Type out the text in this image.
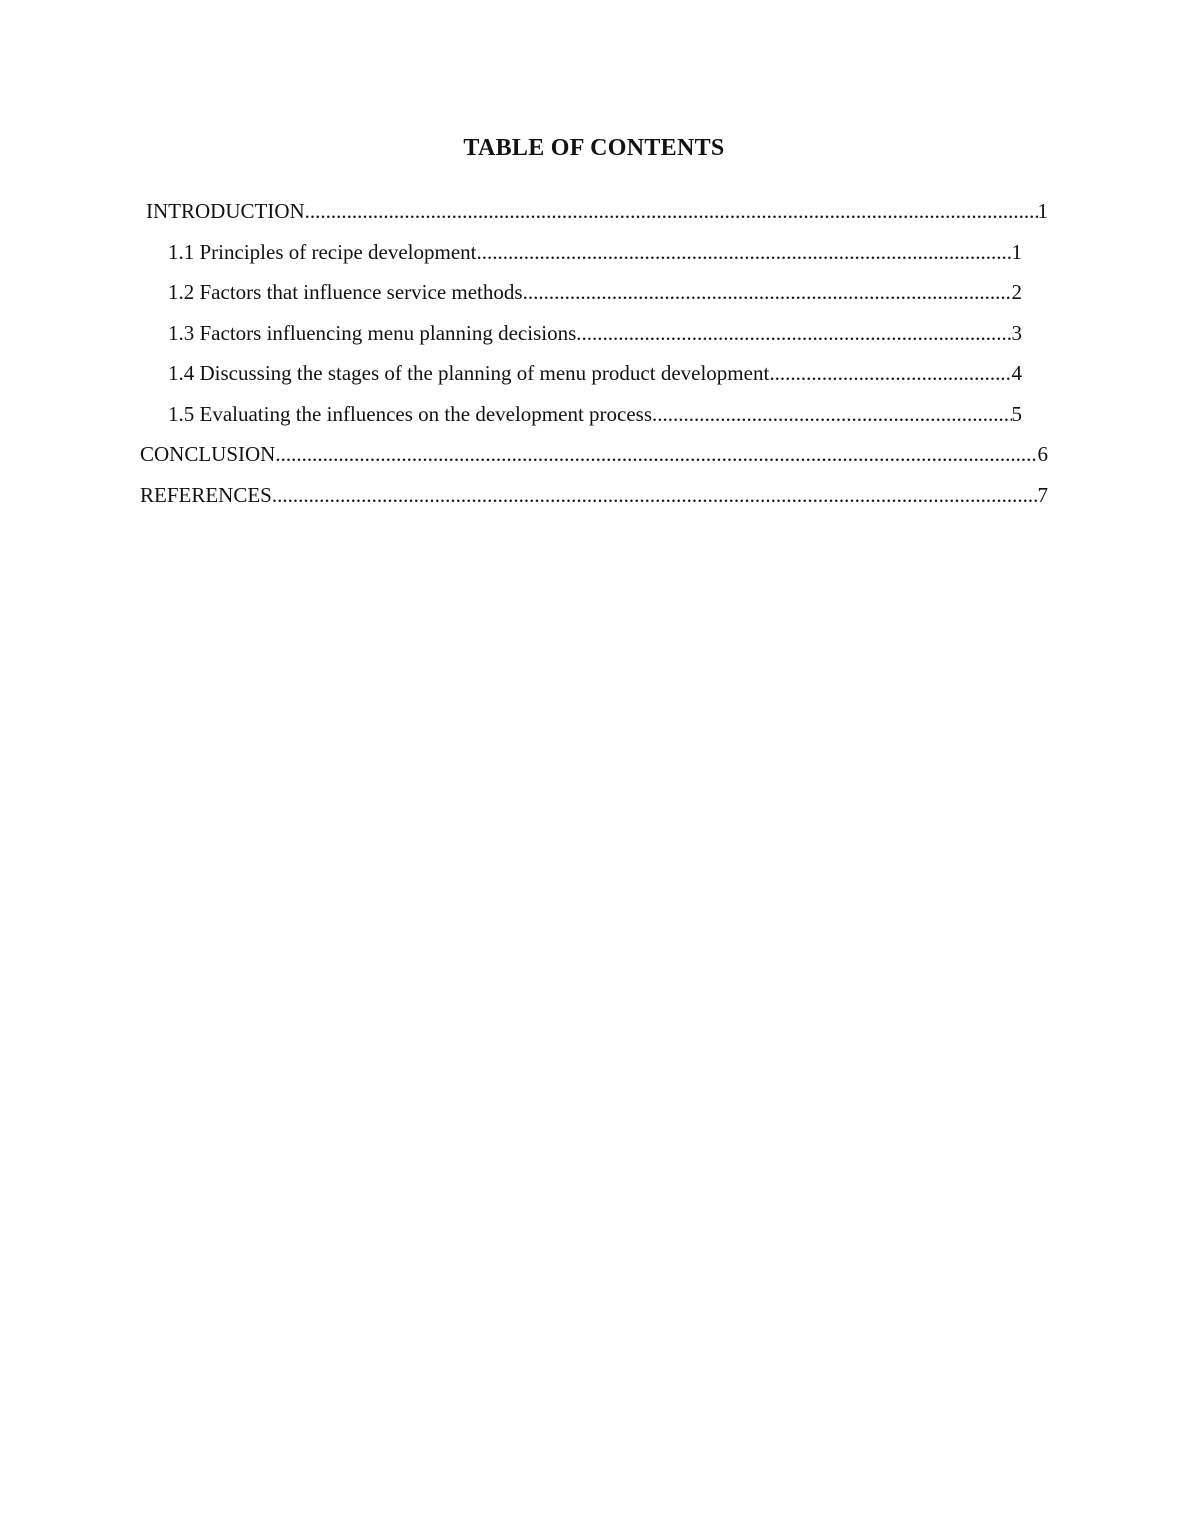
TABLE OF CONTENTS
INTRODUCTION .....	1
1.1 Principles of recipe development .....	1
1.2 Factors that influence service methods .....	2
1.3 Factors influencing menu planning decisions .....	3
1.4 Discussing the stages of the planning of menu product development .....	4
1.5 Evaluating the influences on the development process .....	5
CONCLUSION .....	6
REFERENCES .....	7
